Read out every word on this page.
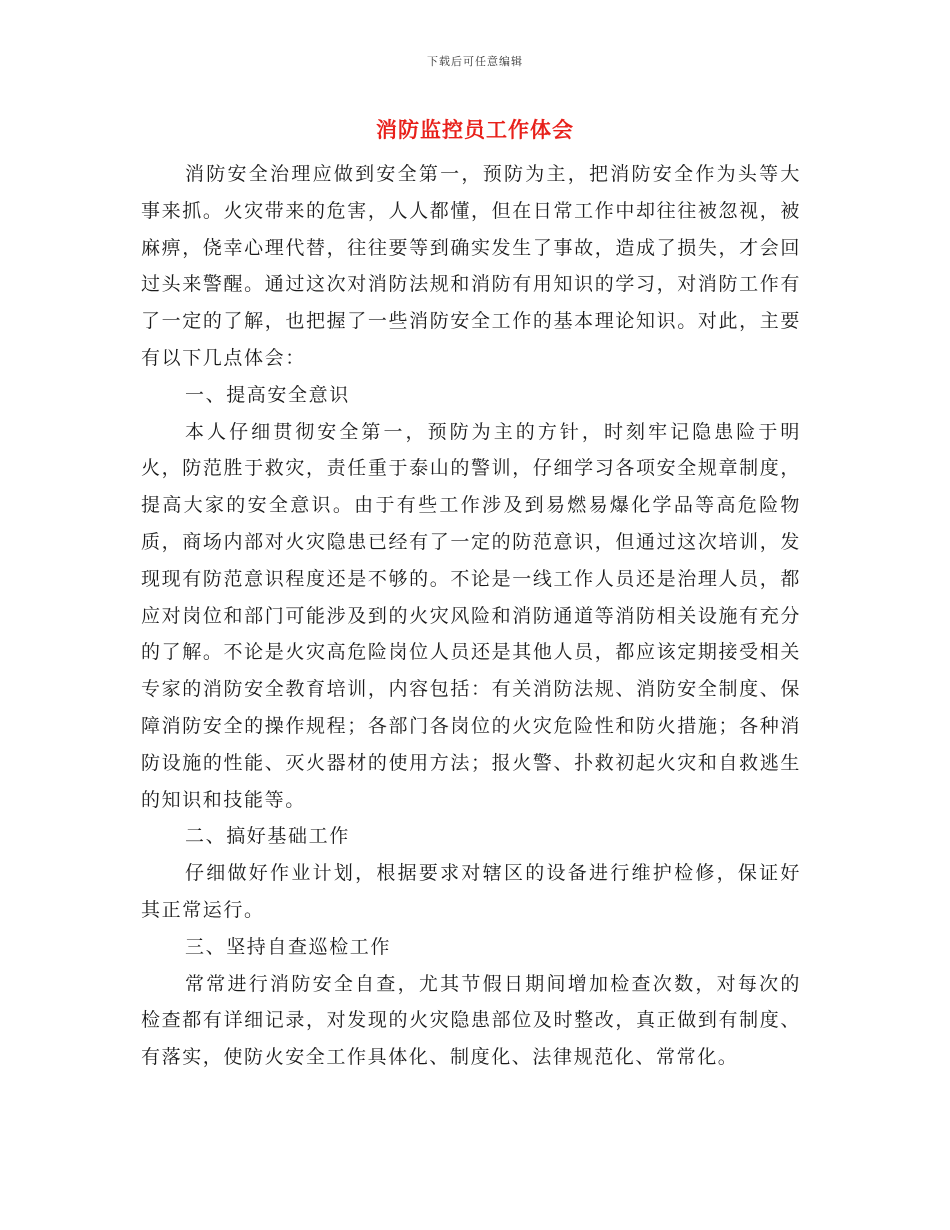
下载后可任意编辑
消防监控员工作体会

消防安全治理应做到安全第一，预防为主，把消防安全作为头等大事来抓。火灾带来的危害，人人都懂，但在日常工作中却往往被忽视，被麻痹，侥幸心理代替，往往要等到确实发生了事故，造成了损失，才会回过头来警醒。通过这次对消防法规和消防有用知识的学习，对消防工作有了一定的了解，也把握了一些消防安全工作的基本理论知识。对此，主要有以下几点体会：

一、提高安全意识

本人仔细贯彻安全第一，预防为主的方针，时刻牢记隐患险于明火，防范胜于救灾，责任重于泰山的警训，仔细学习各项安全规章制度，提高大家的安全意识。由于有些工作涉及到易燃易爆化学品等高危险物质，商场内部对火灾隐患已经有了一定的防范意识，但通过这次培训，发现现有防范意识程度还是不够的。不论是一线工作人员还是治理人员，都应对岗位和部门可能涉及到的火灾风险和消防通道等消防相关设施有充分的了解。不论是火灾高危险岗位人员还是其他人员，都应该定期接受相关专家的消防安全教育培训，内容包括：有关消防法规、消防安全制度、保障消防安全的操作规程；各部门各岗位的火灾危险性和防火措施；各种消防设施的性能、灭火器材的使用方法；报火警、扑救初起火灾和自救逃生的知识和技能等。

二、搞好基础工作

仔细做好作业计划，根据要求对辖区的设备进行维护检修，保证好其正常运行。

三、坚持自查巡检工作

常常进行消防安全自查，尤其节假日期间增加检查次数，对每次的检查都有详细记录，对发现的火灾隐患部位及时整改，真正做到有制度、有落实，使防火安全工作具体化、制度化、法律规范化、常常化。
